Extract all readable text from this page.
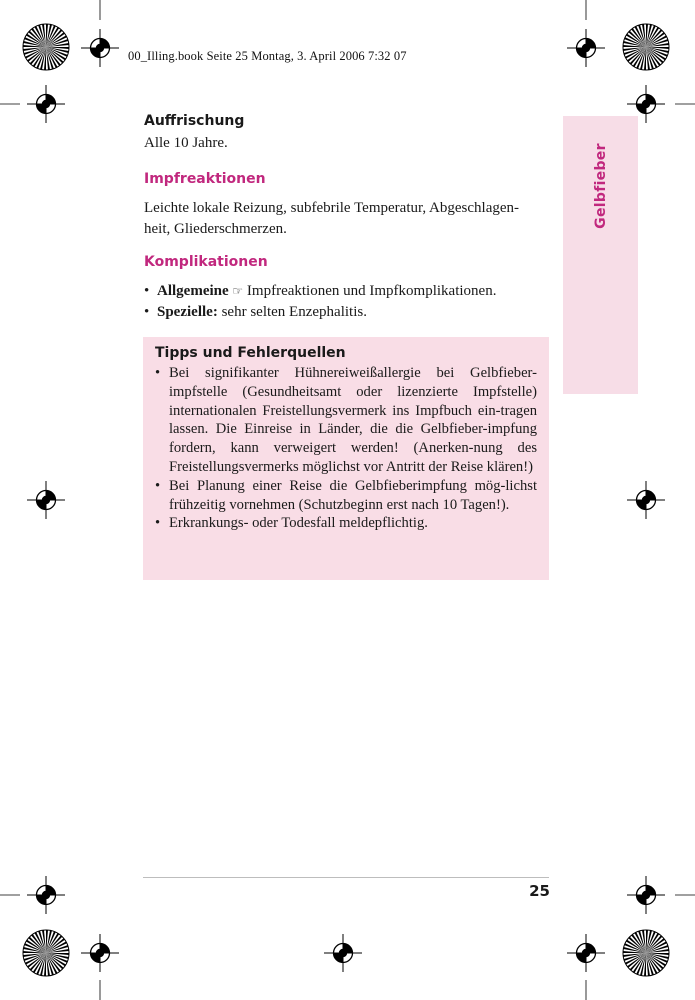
00_Illing.book Seite 25 Montag, 3. April 2006 7:32 07
Gelbfieber
Auffrischung
Alle 10 Jahre.
Impfreaktionen
Leichte lokale Reizung, subfebrile Temperatur, Abgeschlagen-
heit, Gliederschmerzen.
Komplikationen
• Allgemeine ☞ Impfreaktionen und Impfkomplikationen.
• Spezielle: sehr selten Enzephalitis.
Tipps und Fehlerquellen
• Bei signifikanter Hühnereiweißallergie bei Gelbfieber-impfstelle (Gesundheitsamt oder lizenzierte Impfstelle) internationalen Freistellungsvermerk ins Impfbuch ein-tragen lassen. Die Einreise in Länder, die die Gelbfieber-impfung fordern, kann verweigert werden! (Anerken-nung des Freistellungsvermerks möglichst vor Antritt der Reise klären!)
• Bei Planung einer Reise die Gelbfieberimpfung mög-lichst frühzeitig vornehmen (Schutzbeginn erst nach 10 Tagen!).
• Erkrankungs- oder Todesfall meldepflichtig.
25
